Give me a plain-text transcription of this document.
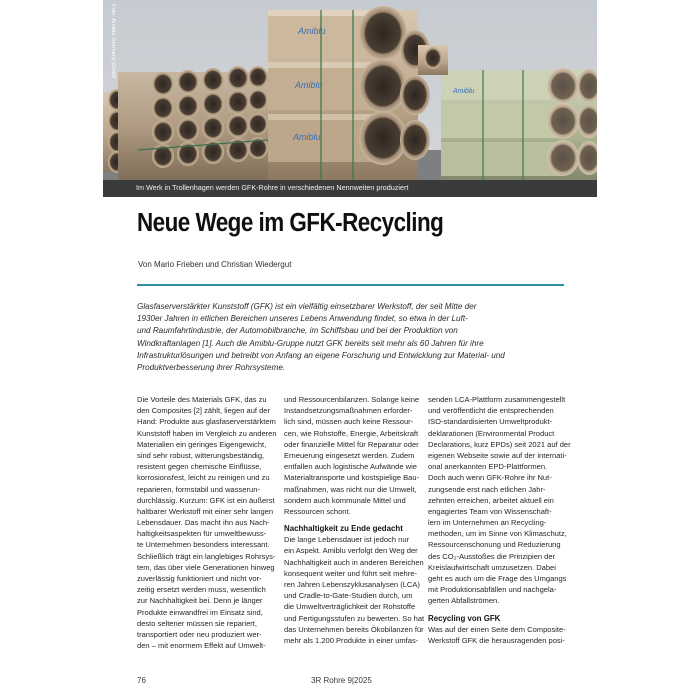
Amiblu
Amiblu
Amiblu
Amiblu
Foto: Amiblu Germany GmbH
Im Werk in Trollenhagen werden GFK-Rohre in verschiedenen Nennweiten produziert
Neue Wege im GFK-Recycling
Von Mario Frieben und Christian Wiedergut
Glasfaserverstärkter Kunststoff (GFK) ist ein vielfältig einsetzbarer Werkstoff, der seit Mitte der
1930er Jahren in etlichen Bereichen unseres Lebens Anwendung findet, so etwa in der Luft-
und Raumfahrtindustrie, der Automobilbranche, im Schiffsbau und bei der Produktion von
Windkraftanlagen [1]. Auch die Amiblu-Gruppe nutzt GFK bereits seit mehr als 60 Jahren für ihre
Infrastrukturlösungen und betreibt von Anfang an eigene Forschung und Entwicklung zur Material- und
Produktverbesserung ihrer Rohrsysteme.
Die Vorteile des Materials GFK, das zu
den Composites [2] zählt, liegen auf der
Hand: Produkte aus glasfaserverstärktem
Kunststoff haben im Vergleich zu anderen
Materialien ein geringes Eigengewicht,
sind sehr robust, witterungsbeständig,
resistent gegen chemische Einflüsse,
korrosionsfest, leicht zu reinigen und zu
reparieren, formstabil und wasserun-
durchlässig. Kurzum: GFK ist ein äußerst
haltbarer Werkstoff mit einer sehr langen
Lebensdauer. Das macht ihn aus Nach-
haltigkeitsaspekten für umweltbewuss-
te Unternehmen besonders interessant.
Schließlich trägt ein langlebiges Rohrsys-
tem, das über viele Generationen hinweg
zuverlässig funktioniert und nicht vor-
zeitig ersetzt werden muss, wesentlich
zur Nachhaltigkeit bei. Denn je länger
Produkte einwandfrei im Einsatz sind,
desto seltener müssen sie repariert,
transportiert oder neu produziert wer-
den – mit enormem Effekt auf Umwelt-
und Ressourcenbilanzen. Solange keine
Instandsetzungsmaßnahmen erforder-
lich sind, müssen auch keine Ressour-
cen, wie Rohstoffe, Energie, Arbeitskraft
oder finanzielle Mittel für Reparatur oder
Erneuerung eingesetzt werden. Zudem
entfallen auch logistische Aufwände wie
Materialtransporte und kostspielige Bau-
maßnahmen, was nicht nur die Umwelt,
sondern auch kommunale Mittel und
Ressourcen schont.
Nachhaltigkeit zu Ende gedacht
Die lange Lebensdauer ist jedoch nur
ein Aspekt. Amiblu verfolgt den Weg der
Nachhaltigkeit auch in anderen Bereichen
konsequent weiter und führt seit mehre-
ren Jahren Lebenszyklusanalysen (LCA)
und Cradle-to-Gate-Studien durch, um
die Umweltverträglichkeit der Rohstoffe
und Fertigungsstufen zu bewerten. So hat
das Unternehmen bereits Ökobilanzen für
mehr als 1.200 Produkte in einer umfas-
senden LCA-Plattform zusammengestellt
und veröffentlicht die entsprechenden
ISO-standardisierten Umweltprodukt-
deklarationen (Environmental Product
Declarations, kurz EPDs) seit 2021 auf der
eigenen Webseite sowie auf der internati-
onal anerkannten EPD-Plattformen.
Doch auch wenn GFK-Rohre ihr Nut-
zungsende erst nach etlichen Jahr-
zehnten erreichen, arbeitet aktuell ein
engagiertes Team von Wissenschaft-
lern im Unternehmen an Recycling-
methoden, um im Sinne von Klimaschutz,
Ressourcenschonung und Reduzierung
des CO₂-Ausstoßes die Prinzipien der
Kreislaufwirtschaft umzusetzen. Dabei
geht es auch um die Frage des Umgangs
mit Produktionsabfällen und nachgela-
gerten Abfallströmen.
Recycling von GFK
Was auf der einen Seite dem Composite-
Werkstoff GFK die herausragenden posi-
76	3R Rohre 9|2025
